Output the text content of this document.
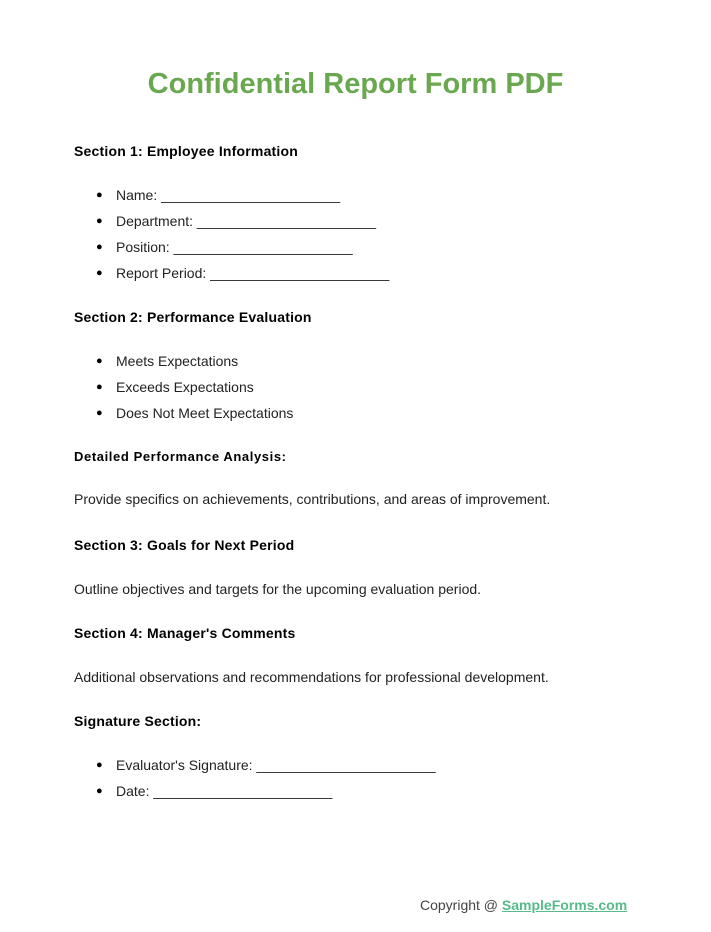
Confidential Report Form PDF
Section 1: Employee Information
● Name: _______________________
● Department: _______________________
● Position: _______________________
● Report Period: _______________________
Section 2: Performance Evaluation
● Meets Expectations
● Exceeds Expectations
● Does Not Meet Expectations
Detailed Performance Analysis:

Provide specifics on achievements, contributions, and areas of improvement.

Section 3: Goals for Next Period

Outline objectives and targets for the upcoming evaluation period.

Section 4: Manager's Comments

Additional observations and recommendations for professional development.

Signature Section:
● Evaluator's Signature: _______________________
● Date: _______________________

Copyright @ SampleForms.com
